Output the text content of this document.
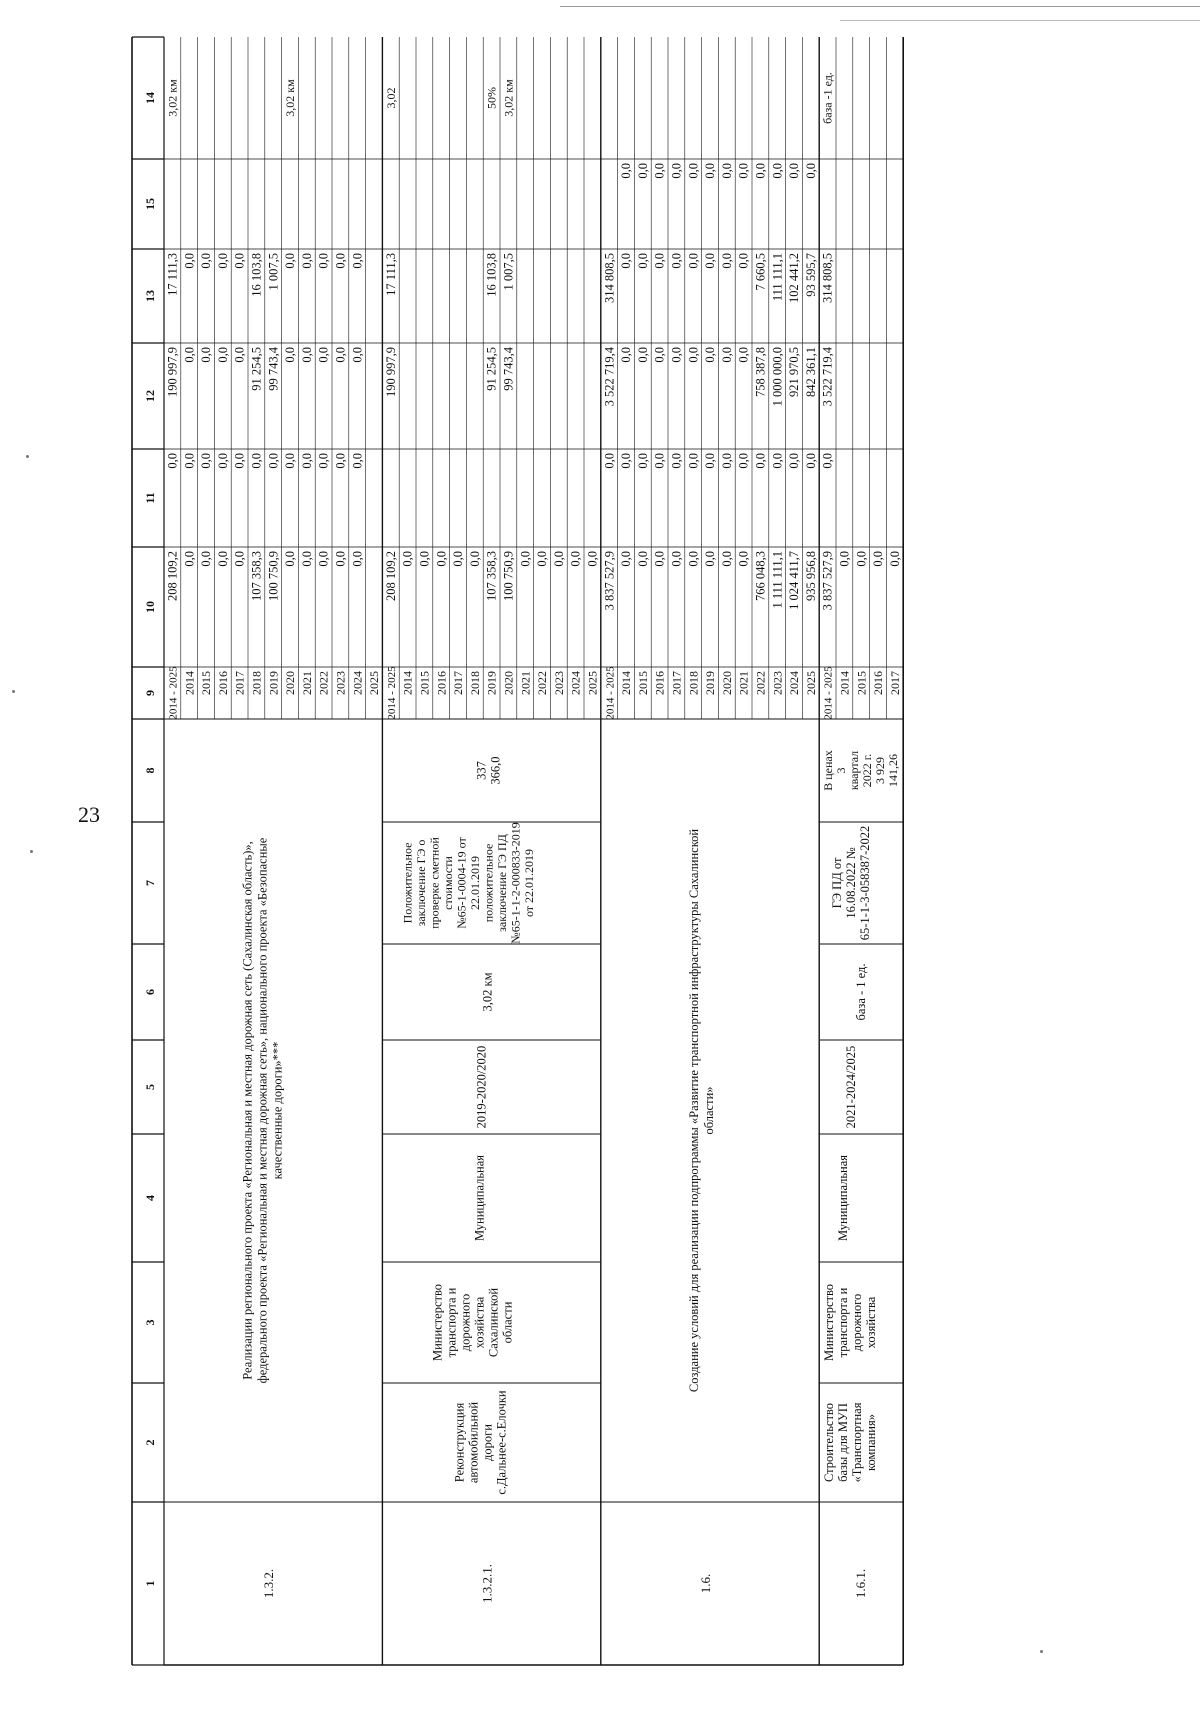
23
1
2
3
4
5
6
7
8
9
10
11
12
13
15
14
1.3.2.
Реализации регионального проекта «Региональная и местная дорожная сеть (Сахалинская область)», федерального проекта «Региональная и местная дорожная сеть», национального проекта «Безопасные качественные дороги»***
2014 - 2025
208 109,2
0,0
190 997,9
17 111,3
3,02 км
2014
0,0
0,0
0,0
0,0
2015
0,0
0,0
0,0
0,0
2016
0,0
0,0
0,0
0,0
2017
0,0
0,0
0,0
0,0
2018
107 358,3
0,0
91 254,5
16 103,8
2019
100 750,9
0,0
99 743,4
1 007,5
2020
0,0
0,0
0,0
0,0
2021
0,0
0,0
0,0
0,0
2022
0,0
0,0
0,0
0,0
2023
0,0
0,0
0,0
0,0
2024
0,0
0,0
0,0
0,0
2025
3,02 км
1.3.2.1.
Реконструкция автомобильной дороги с.Дальнее-с.Елочки
Министерство транспорта и дорожного хозяйства Сахалинской области
Муниципальная
2019-2020/2020
3,02 км
Положительное заключение ГЭ о проверке сметной стоимости №65-1-0004-19 от 22.01.2019 положительное заключение ГЭ ПД №65-1-1-2-000833-2019 от 22.01.2019
337 366,0
2014 - 2025
208 109,2
190 997,9
17 111,3
3,02
2014
0,0
2015
0,0
2016
0,0
2017
0,0
2018
0,0
2019
107 358,3
2020
100 750,9
2021
0,0
2022
0,0
2023
0,0
2024
0,0
2025
0,0
91 254,5 99 743,4
16 103,8 1 007,5
50% 3,02 км
1.6.
Создание условий для реализации подпрограммы «Развитие транспортной инфраструктуры Сахалинской области»
2014 - 2025
3 837 527,9
0,0
3 522 719,4
314 808,5
2014
0,0
0,0
0,0
0,0
0,0
2015
0,0
0,0
0,0
0,0
0,0
2016
0,0
0,0
0,0
0,0
0,0
2017
0,0
0,0
0,0
0,0
0,0
2018
0,0
0,0
0,0
0,0
0,0
2019
0,0
0,0
0,0
0,0
0,0
2020
0,0
0,0
0,0
0,0
0,0
2021
0,0
0,0
0,0
0,0
0,0
2022
766 048,3
0,0
758 387,8
7 660,5
0,0
2023
1 111 111,1
0,0
1 000 000,0
111 111,1
0,0
2024
1 024 411,7
0,0
921 970,5
102 441,2
0,0
2025
935 956,8
0,0
842 361,1
93 595,7
0,0
1.6.1.
Строительство базы для МУП «Транспортная компания»
Министерство транспорта и дорожного хозяйства
Муниципальная
2021-2024/2025
база - 1 ед.
ГЭ ПД от 16.08.2022 № 65-1-1-3-058387-2022
В ценах 3 квартал 2022 г. 3 929 141,26
2014 - 2025
3 837 527,9
0,0
3 522 719,4
314 808,5
база -1 ед.
2014
0,0
2015
0,0
2016
0,0
2017
0,0
